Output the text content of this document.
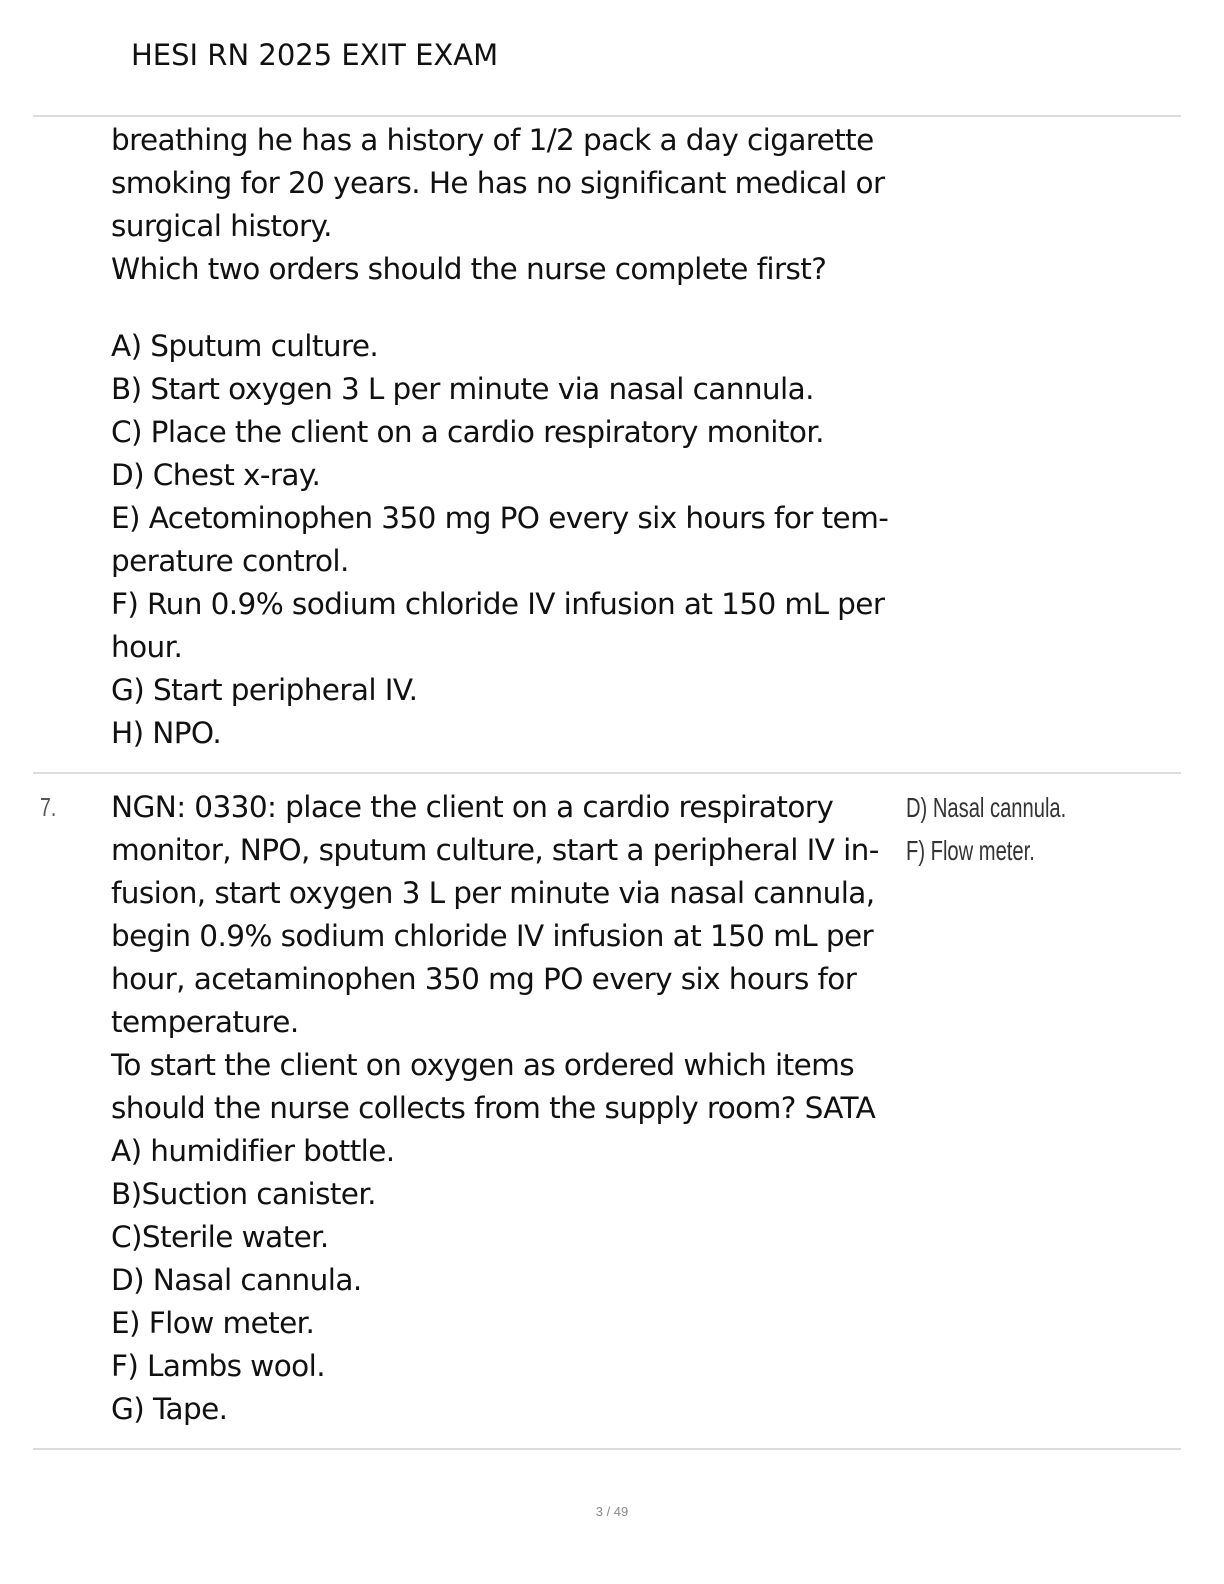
HESI RN 2025 EXIT EXAM
breathing he has a history of 1/2 pack a day cigarette
smoking for 20 years. He has no significant medical or
surgical history.
Which two orders should the nurse complete first?
A) Sputum culture.
B) Start oxygen 3 L per minute via nasal cannula.
C) Place the client on a cardio respiratory monitor.
D) Chest x-ray.
E) Acetominophen 350 mg PO every six hours for tem-
perature control.
F) Run 0.9% sodium chloride IV infusion at 150 mL per
hour.
G) Start peripheral IV.
H) NPO.
7. NGN: 0330: place the client on a cardio respiratory
monitor, NPO, sputum culture, start a peripheral IV in-
fusion, start oxygen 3 L per minute via nasal cannula,
begin 0.9% sodium chloride IV infusion at 150 mL per
hour, acetaminophen 350 mg PO every six hours for
temperature.
To start the client on oxygen as ordered which items
should the nurse collects from the supply room? SATA
A) humidifier bottle.
B)Suction canister.
C)Sterile water.
D) Nasal cannula.
E) Flow meter.
F) Lambs wool.
G) Tape.
D) Nasal cannula.
F) Flow meter.
3 / 49
